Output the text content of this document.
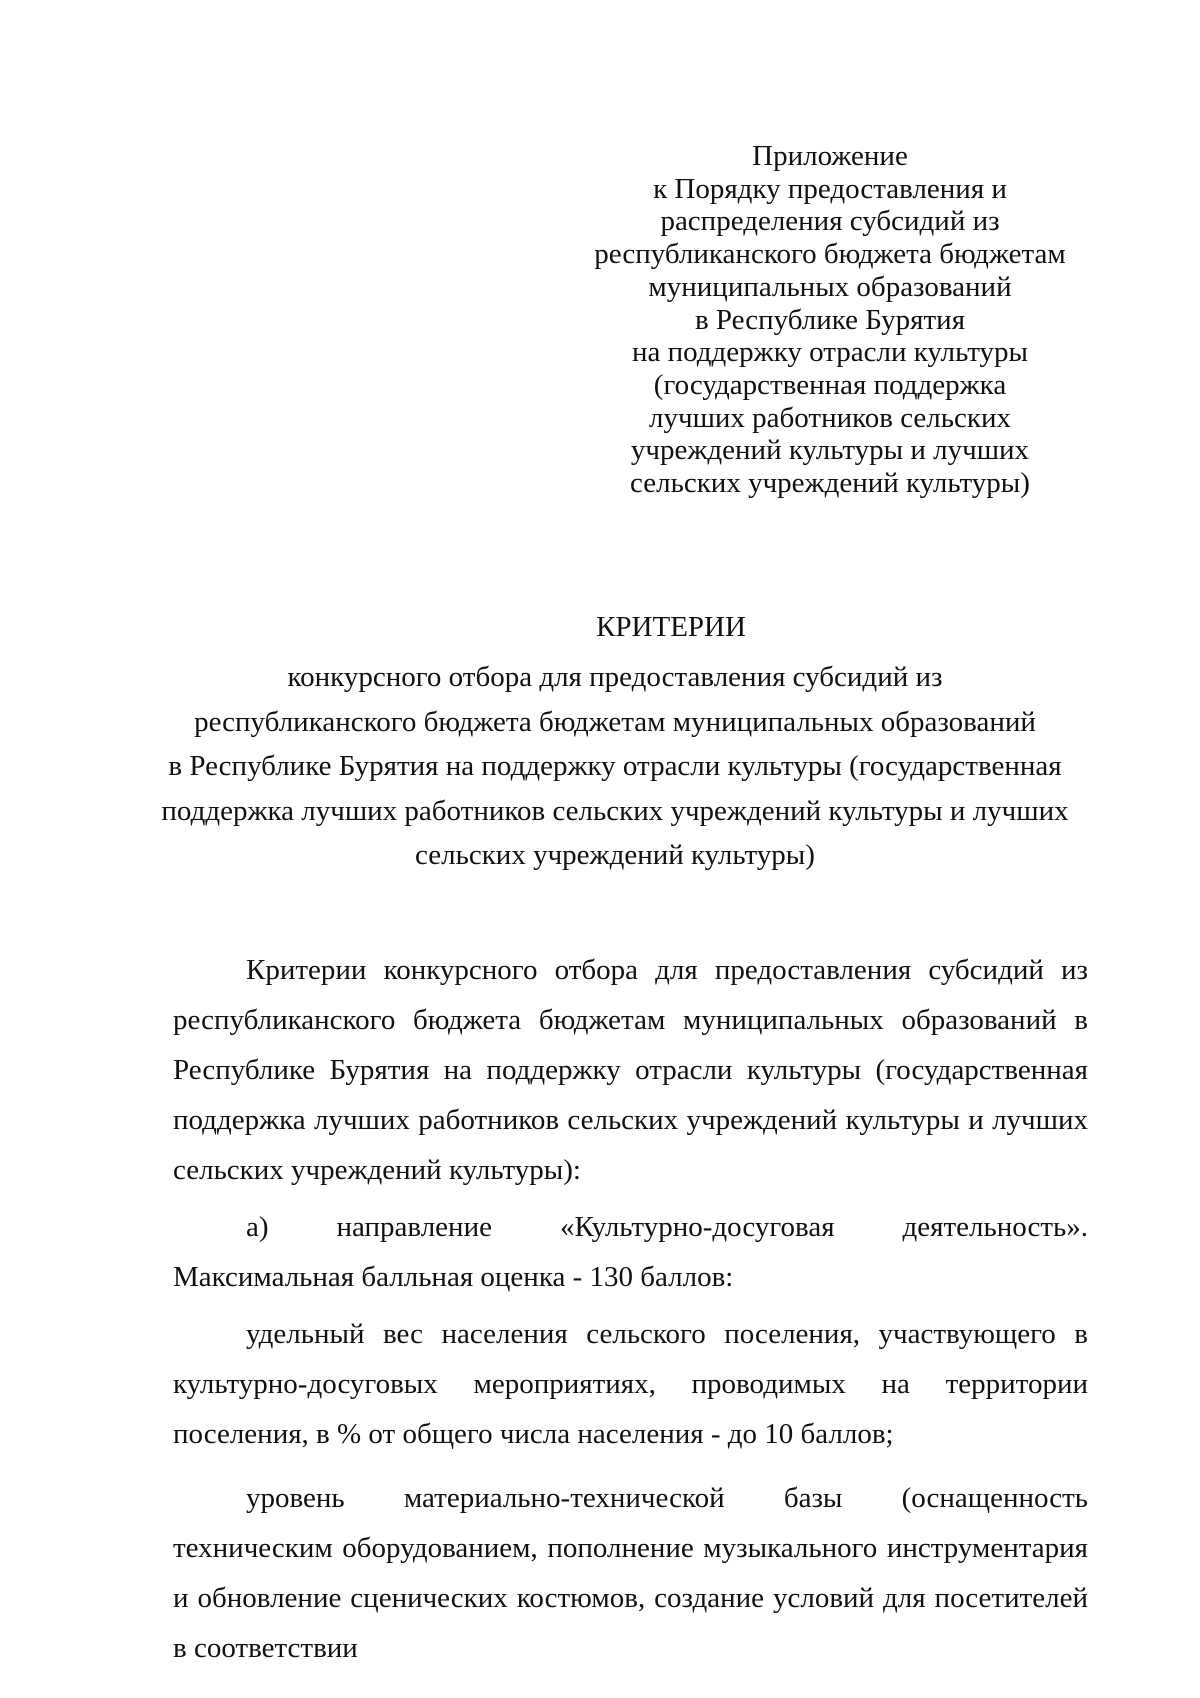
Приложение
к Порядку предоставления и
распределения субсидий из
республиканского бюджета бюджетам
муниципальных образований
в Республике Бурятия
на поддержку отрасли культуры
(государственная поддержка
лучших работников сельских
учреждений культуры и лучших
сельских учреждений культуры)
КРИТЕРИИ
конкурсного отбора для предоставления субсидий из
республиканского бюджета бюджетам муниципальных образований
в Республике Бурятия на поддержку отрасли культуры (государственная
поддержка лучших работников сельских учреждений культуры и лучших
сельских учреждений культуры)

Критерии конкурсного отбора для предоставления субсидий из республиканского бюджета бюджетам муниципальных образований в Республике Бурятия на поддержку отрасли культуры (государственная поддержка лучших работников сельских учреждений культуры и лучших сельских учреждений культуры):

а) направление «Культурно-досуговая деятельность». Максимальная балльная оценка - 130 баллов:

удельный вес населения сельского поселения, участвующего в культурно-досуговых мероприятиях, проводимых на территории поселения, в % от общего числа населения - до 10 баллов;

уровень материально-технической базы (оснащенность техническим оборудованием, пополнение музыкального инструментария и обновление сценических костюмов, создание условий для посетителей в соответствии
